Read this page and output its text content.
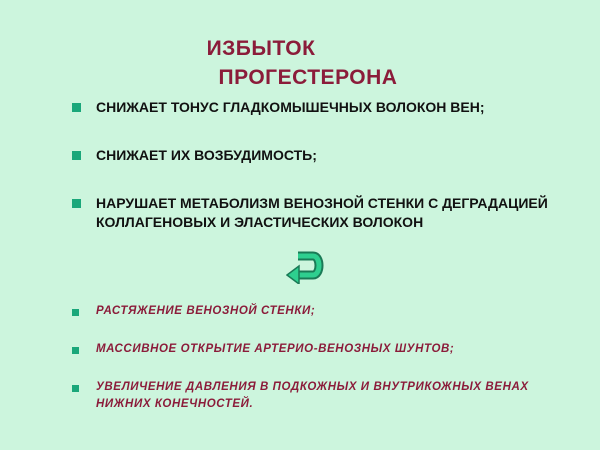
ИЗБЫТОК
ПРОГЕСТЕРОНА
СНИЖАЕТ ТОНУС ГЛАДКОМЫШЕЧНЫХ ВОЛОКОН ВЕН;
СНИЖАЕТ ИХ ВОЗБУДИМОСТЬ;
НАРУШАЕТ МЕТАБОЛИЗМ ВЕНОЗНОЙ СТЕНКИ С ДЕГРАДАЦИЕЙ КОЛЛАГЕНОВЫХ И ЭЛАСТИЧЕСКИХ ВОЛОКОН
РАСТЯЖЕНИЕ ВЕНОЗНОЙ СТЕНКИ;
МАССИВНОЕ ОТКРЫТИЕ АРТЕРИО-ВЕНОЗНЫХ ШУНТОВ;
УВЕЛИЧЕНИЕ ДАВЛЕНИЯ В ПОДКОЖНЫХ И ВНУТРИКОЖНЫХ ВЕНАХ НИЖНИХ КОНЕЧНОСТЕЙ.
